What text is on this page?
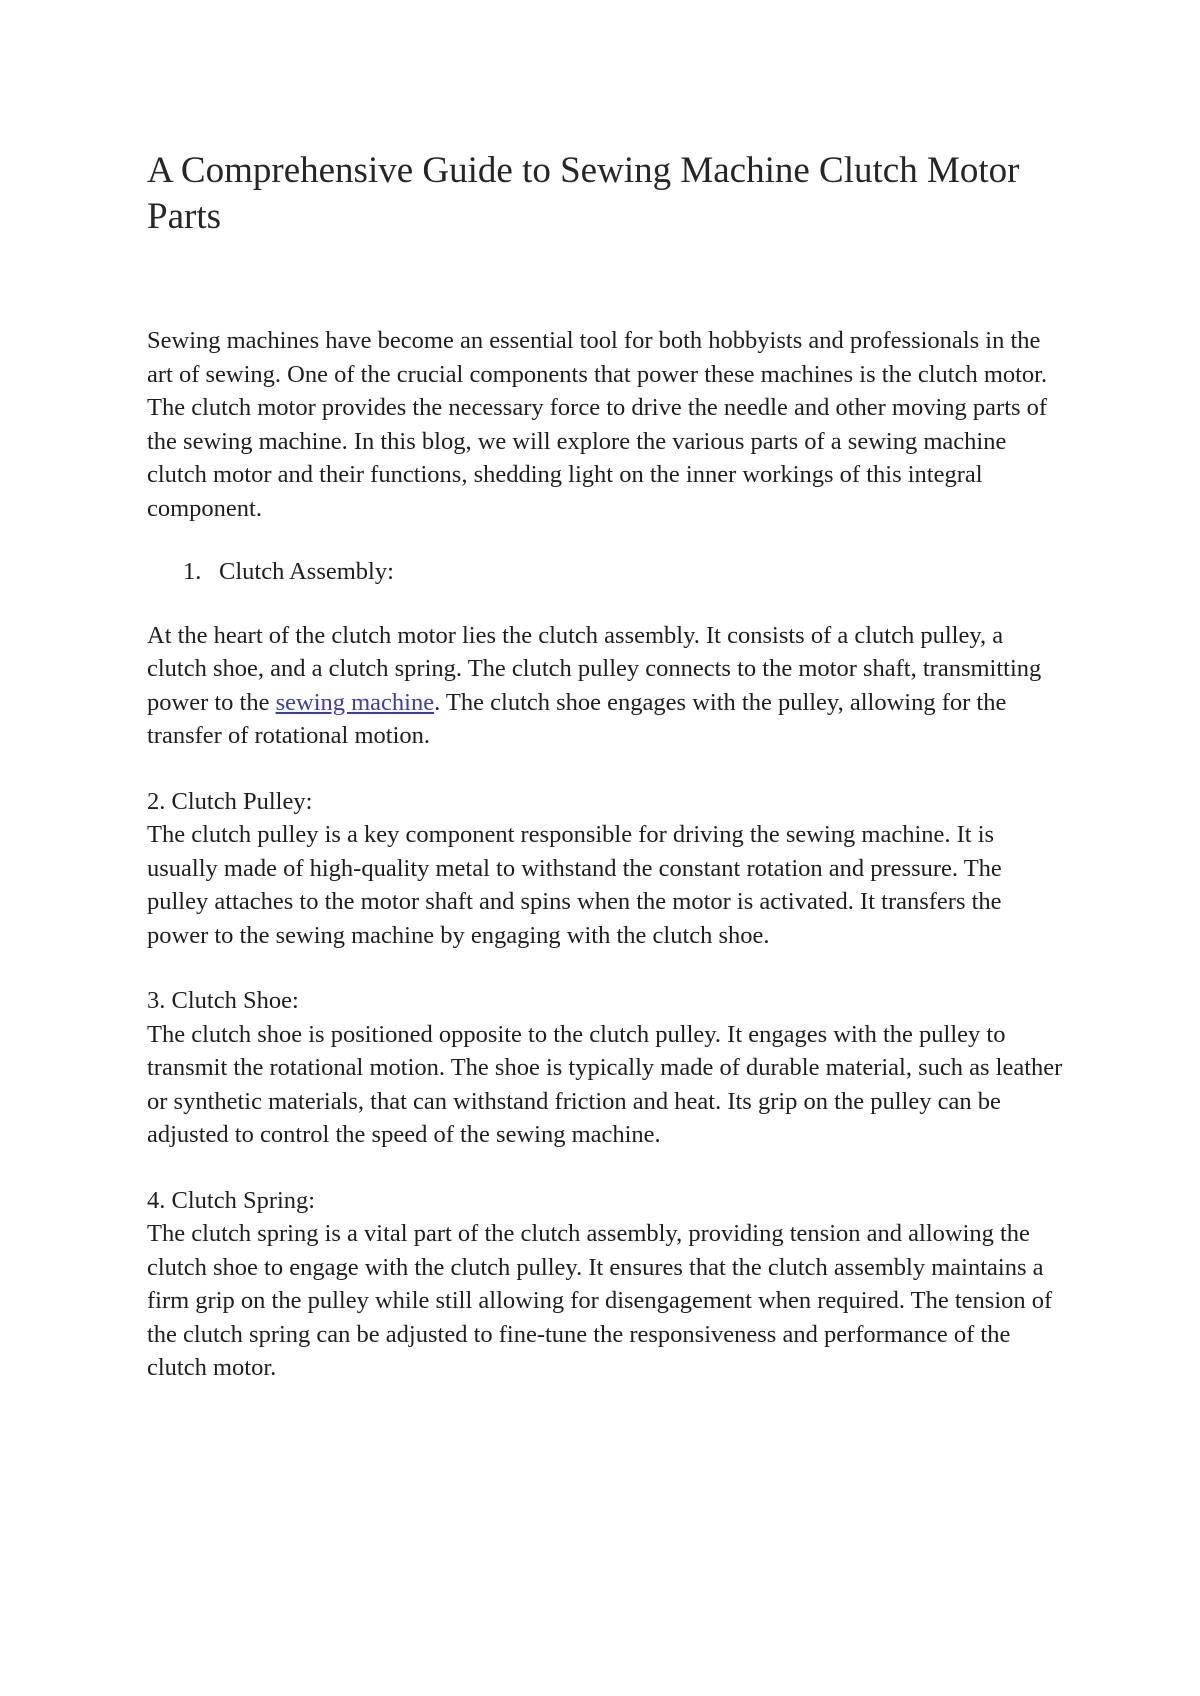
A Comprehensive Guide to Sewing Machine Clutch Motor Parts

Sewing machines have become an essential tool for both hobbyists and professionals in the art of sewing. One of the crucial components that power these machines is the clutch motor. The clutch motor provides the necessary force to drive the needle and other moving parts of the sewing machine. In this blog, we will explore the various parts of a sewing machine clutch motor and their functions, shedding light on the inner workings of this integral component.

1. Clutch Assembly:

At the heart of the clutch motor lies the clutch assembly. It consists of a clutch pulley, a clutch shoe, and a clutch spring. The clutch pulley connects to the motor shaft, transmitting power to the sewing machine. The clutch shoe engages with the pulley, allowing for the transfer of rotational motion.

2. Clutch Pulley:

The clutch pulley is a key component responsible for driving the sewing machine. It is usually made of high-quality metal to withstand the constant rotation and pressure. The pulley attaches to the motor shaft and spins when the motor is activated. It transfers the power to the sewing machine by engaging with the clutch shoe.

3. Clutch Shoe:

The clutch shoe is positioned opposite to the clutch pulley. It engages with the pulley to transmit the rotational motion. The shoe is typically made of durable material, such as leather or synthetic materials, that can withstand friction and heat. Its grip on the pulley can be adjusted to control the speed of the sewing machine.

4. Clutch Spring:

The clutch spring is a vital part of the clutch assembly, providing tension and allowing the clutch shoe to engage with the clutch pulley. It ensures that the clutch assembly maintains a firm grip on the pulley while still allowing for disengagement when required. The tension of the clutch spring can be adjusted to fine-tune the responsiveness and performance of the clutch motor.
